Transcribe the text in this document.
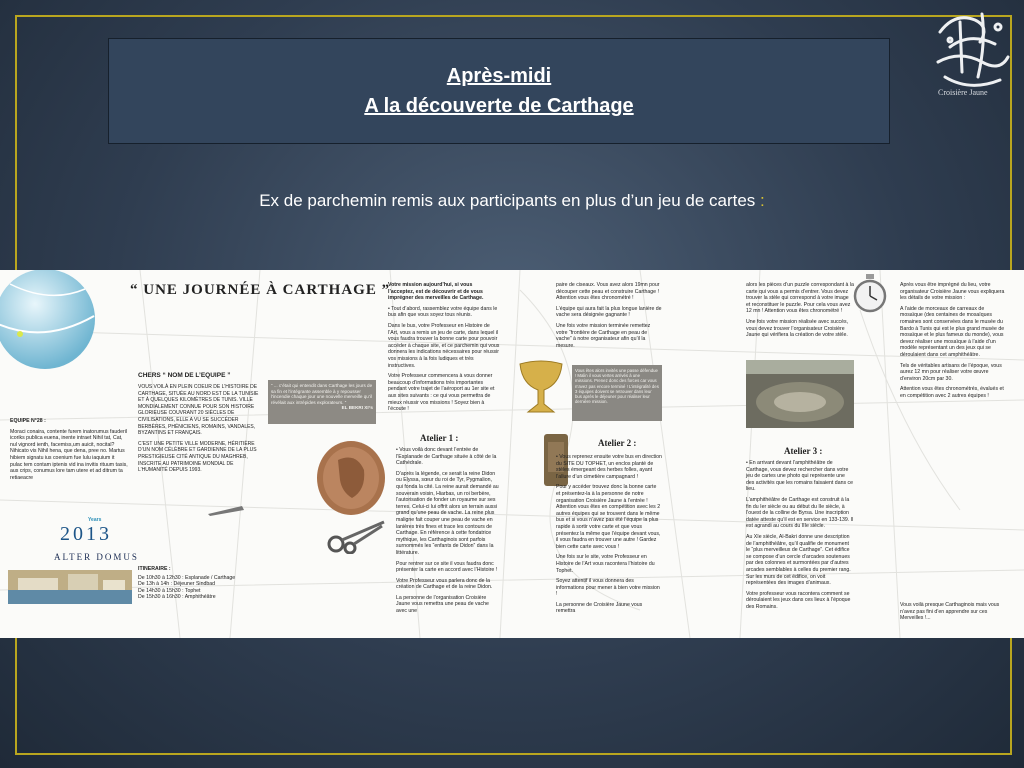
Après-midi
A la découverte de Carthage
Croisière Jaune
Ex de parchemin remis aux participants en plus d’un jeu de cartes :

EQUIPE N°28 :

Moraci conaira, contente furem inatorumus fauderil icoriks publica euena, inente intraet Nihil tat, Cat, nul vignord ienth, facemiss,um auicit, nocital? Nihicato vis Nihil hena, que dena, pree no. Martus hibiem signatu ius coenium fue lulu iaquium it pulac tem contam iptenis vid ina invitis rituum tasis, aus crips, conumus lore tam utere et ad ditrum ta retiaeacre

2013
Years
ALTER DOMUS
“ UNE JOURNÉE À CARTHAGE ”
CHERS “ NOM DE L’EQUIPE ”

VOUS VOILÀ EN PLEIN COEUR DE L’HISTOIRE DE CARTHAGE, SITUÉE AU NORD EST DE LA TUNISIE ET À QUELQUES KILOMÈTRES DE TUNIS. VILLE MONDIALEMENT CONNUE POUR SON HISTOIRE GLORIEUSE COUVRANT 20 SIÈCLES DE CIVILISATIONS, ELLE A VU SE SUCCÉDER BERBÈRES, PHÉNICIENS, ROMAINS, VANDALES, BYZANTINS ET FRANÇAIS.

C’EST UNE PETITE VILLE MODERNE, HÉRITIÈRE D’UN NOM CÉLÈBRE ET GARDIENNE DE LA PLUS PRESTIGIEUSE CITÉ ANTIQUE DU MAGHREB, INSCRITE AU PATRIMOINE MONDIAL DE L’HUMANITÉ DEPUIS 1993.

“ ... c’était qui entendit dans Carthage les jours de sa fin et l’intégrante assemble à y repousser l’incendie chaque jour une nouvelle merveille qu’il révélait aux intrépides explorateurs. ”
EL BEKRI XI°s

ITINERAIRE :

De 10h30 à 12h30 : Esplanade / Carthage
De 13h à 14h : Déjeuner Sindbad
De 14h30 à 15h30 : Tophet
De 15h30 à 16h30 : Amphithéâtre

Votre mission aujourd’hui, si vous l’acceptez, est de découvrir et de vous imprégner des merveilles de Carthage.

• Tout d’abord, rassemblez votre équipe dans le bus afin que vous soyez tous réunis.

Dans le bus, votre Professeur en Histoire de l’Art, vous a remis un jeu de carte, dans lequel il vous faudra trouver la bonne carte pour pouvoir accéder à chaque site, et ce parchemin qui vous donnera les indications nécessaires pour réussir vos missions à la fois ludiques et très instructives.

Votre Professeur commencera à vous donner beaucoup d’informations très importantes pendant votre trajet de l’aéroport au 1er site et aux sites suivants : ce qui vous permettra de mieux réussir vos missions ! Soyez bien à l’écoute !

Atelier 1 :

• Vous voilà donc devant l’entrée de l’Esplanade de Carthage située à côté de la Cathédrale.

D’après la légende, ce serait la reine Didon ou Elyssa, sœur du roi de Tyr, Pygmalion, qui fonda la cité. La reine aurait demandé au souverain voisin, Hiarbas, un roi berbère, l’autorisation de fonder un royaume sur ses terres. Celui-ci lui offrit alors un terrain aussi grand qu’une peau de vache. La reine plus maligne fait couper une peau de vache en lanières très fines et trace les contours de Carthage. En référence à cette fondatrice mythique, les Carthaginois sont parfois surnommés les “enfants de Didon” dans la littérature.

Pour rentrer sur ce site il vous faudra donc présenter la carte en accord avec l’Histoire !

Votre Professeur vous parlera donc de la création de Carthage et de la reine Didon.

La personne de l’organisation Croisière Jaune vous remettra une peau de vache avec une

paire de ciseaux. Vous avez alors 19mn pour découper cette peau et construire Carthage ! Attention vous êtes chronométré !

L’équipe qui aura fait la plus longue lanière de vache sera désignée gagnante !

Une fois votre mission terminée remettez votre “frontière de Carthage en peau de vache” à notre organisateur afin qu’il la mesure.

Vous êtes alors invités une passe défendue ! Malin il vous vertes arrivés à une missions. Prenez donc des forces car vous n’avez pas encore terminé ! L’intégralité des 3 équipes doivent se retrouver dans leur bus après le déjeuner pour réaliser leur dernière mission.
Atelier 2 :

• Vous reprenez ensuite votre bus en direction du SITE DU TOPHET, un enclos planté de stèles émergeant des herbes folles, ayant l’allure d’un cimetière campagnard !

Pour y accéder trouvez donc la bonne carte et présentez-la à la personne de notre organisation Croisière Jaune à l’entrée ! Attention vous êtes en compétition avec les 2 autres équipes qui se trouvent dans le même bus et si vous n’avez pas été l’équipe la plus rapide à sortir votre carte et que vous présentez la même que l’équipe devant vous, il vous faudra en trouver une autre ! Gardez bien cette carte avec vous !

Une fois sur le site, votre Professeur en Histoire de l’Art vous racontera l’histoire du Tophet.

Soyez attentif il vous donnera des informations pour mener à bien votre mission !

La personne de Croisière Jaune vous remettra

alors les pièces d’un puzzle correspondant à la carte qui vous a permis d’entrer. Vous devez trouver la stèle qui correspond à votre image et reconstituer le puzzle. Pour cela vous avez 12 mn ! Attention vous êtes chronométré !

Une fois votre mission réalisée avec succès, vous devez trouver l’organisateur Croisière Jaune qui vérifiera la création de votre stèle.

Atelier 3 :

• En arrivant devant l’amphithéâtre de Carthage, vous devez rechercher dans votre jeu de cartes une photo qui représente une des activités que les romains faisaient dans ce lieu.

L’amphithéâtre de Carthage est construit à la fin du Ier siècle ou au début du IIe siècle, à l’ouest de la colline de Byrsa. Une inscription datée atteste qu’il est en service en 133-139. Il est agrandi au cours du IIIe siècle.

Au XIe siècle, Al-Bakri donne une description de l’amphithéâtre, qu’il qualifie de monument le “plus merveilleux de Carthage”. Cet édifice se compose d’un cercle d’arcades soutenues par des colonnes et surmontées par d’autres arcades semblables à celles du premier rang. Sur les murs de cet édifice, on voit représentées des images d’animaux.

Votre professeur vous racontera comment se déroulaient les jeux dans ces lieux à l’époque des Romains.

Après vous être imprégné du lieu, votre organisateur Croisière Jaune vous expliquera les détails de votre mission :

A l’aide de morceaux de carreaux de mosaïque (des centaines de mosaïques romaines sont conservées dans le musée du Bardo à Tunis qui est le plus grand musée de mosaïque et le plus fameux du monde), vous devez réaliser une mosaïque à l’aide d’un modèle représentant un des jeux qui se déroulaient dans cet amphithéâtre.

Tels de véritables artisans de l’époque, vous aurez 12 mn pour réaliser votre œuvre d’environ 20cm par 30.

Attention vous êtes chronométrés, évalués et en compétition avec 2 autres équipes !

Vous voilà presque Carthaginois mais vous n’avez pas fini d’en apprendre sur ces Merveilles !...
